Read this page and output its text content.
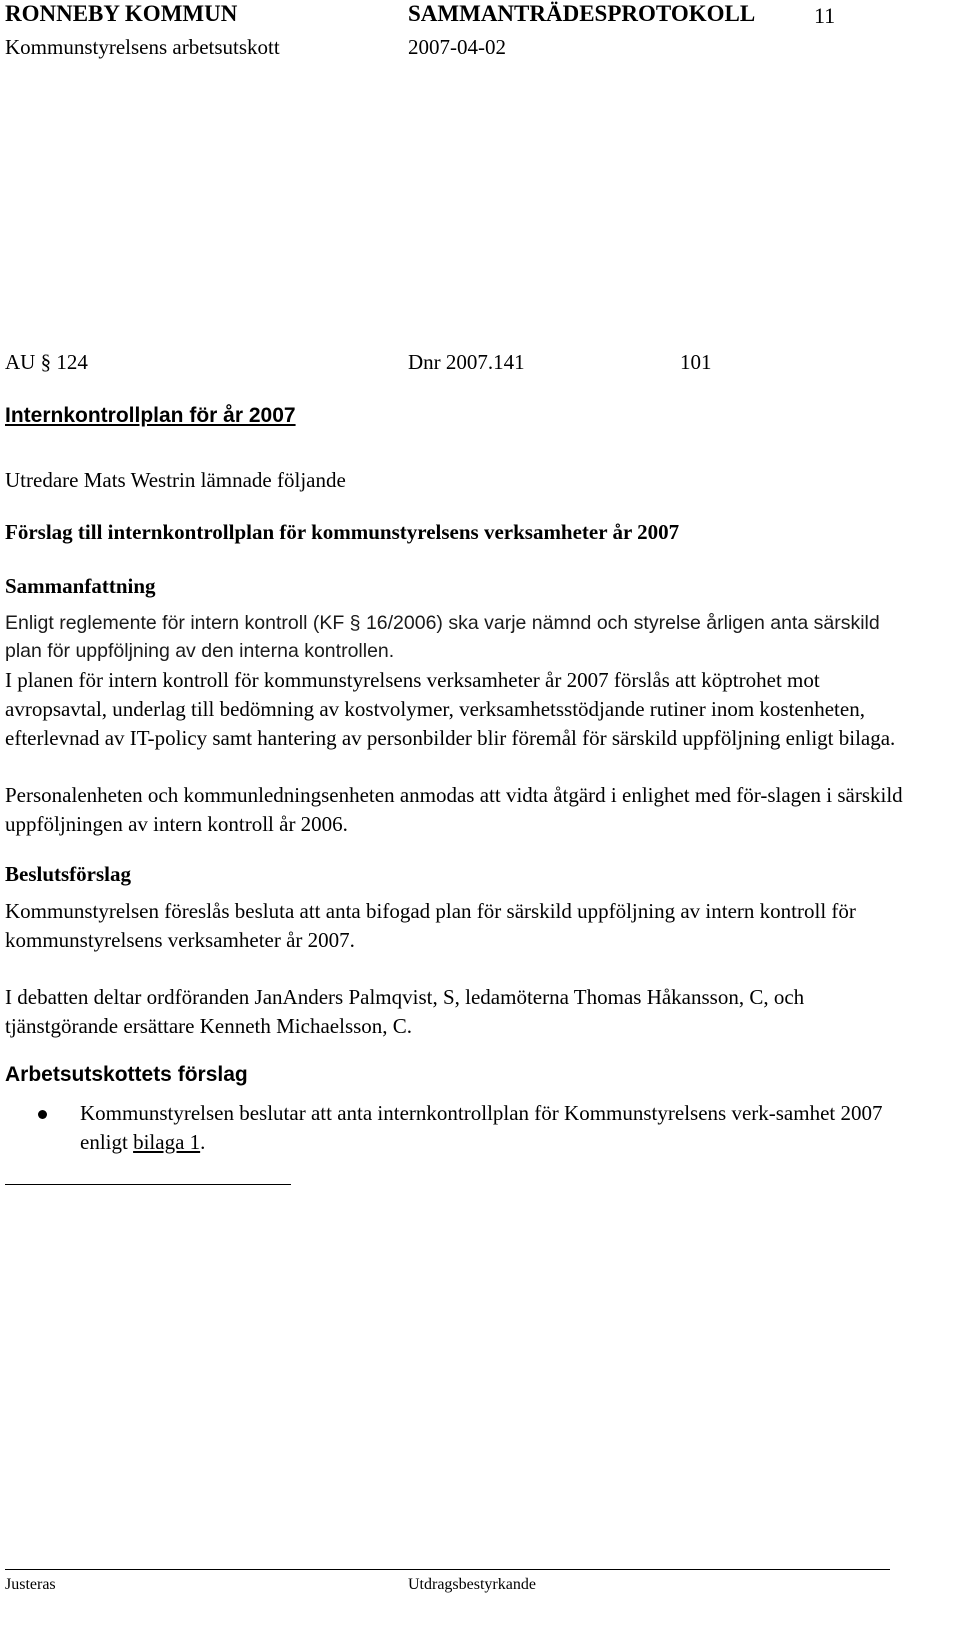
RONNEBY KOMMUN	SAMMANTRÄDESPROTOKOLL	11
Kommunstyrelsens arbetsutskott	2007-04-02
AU § 124	Dnr 2007.141	101
Internkontrollplan för år 2007
Utredare Mats Westrin lämnade följande
Förslag till internkontrollplan för kommunstyrelsens verksamheter år 2007
Sammanfattning
Enligt reglemente för intern kontroll (KF § 16/2006) ska varje nämnd och styrelse årligen anta särskild plan för uppföljning av den interna kontrollen.
I planen för intern kontroll för kommunstyrelsens verksamheter år 2007 förslås att köptrohet mot avropsavtal, underlag till bedömning av kostvolymer, verksamhetsstödjande rutiner inom kostenheten, efterlevnad av IT-policy samt hantering av personbilder blir föremål för särskild uppföljning enligt bilaga.
Personalenheten och kommunledningsenheten anmodas att vidta åtgärd i enlighet med för-slagen i särskild uppföljningen av intern kontroll år 2006.
Beslutsförslag
Kommunstyrelsen föreslås besluta att anta bifogad plan för särskild uppföljning av intern kontroll för kommunstyrelsens verksamheter år 2007.
I debatten deltar ordföranden JanAnders Palmqvist, S, ledamöterna Thomas Håkansson, C, och tjänstgörande ersättare Kenneth Michaelsson, C.
Arbetsutskottets förslag
Kommunstyrelsen beslutar att anta internkontrollplan för Kommunstyrelsens verk-samhet 2007 enligt bilaga 1.
Justeras	Utdragsbestyrkande
